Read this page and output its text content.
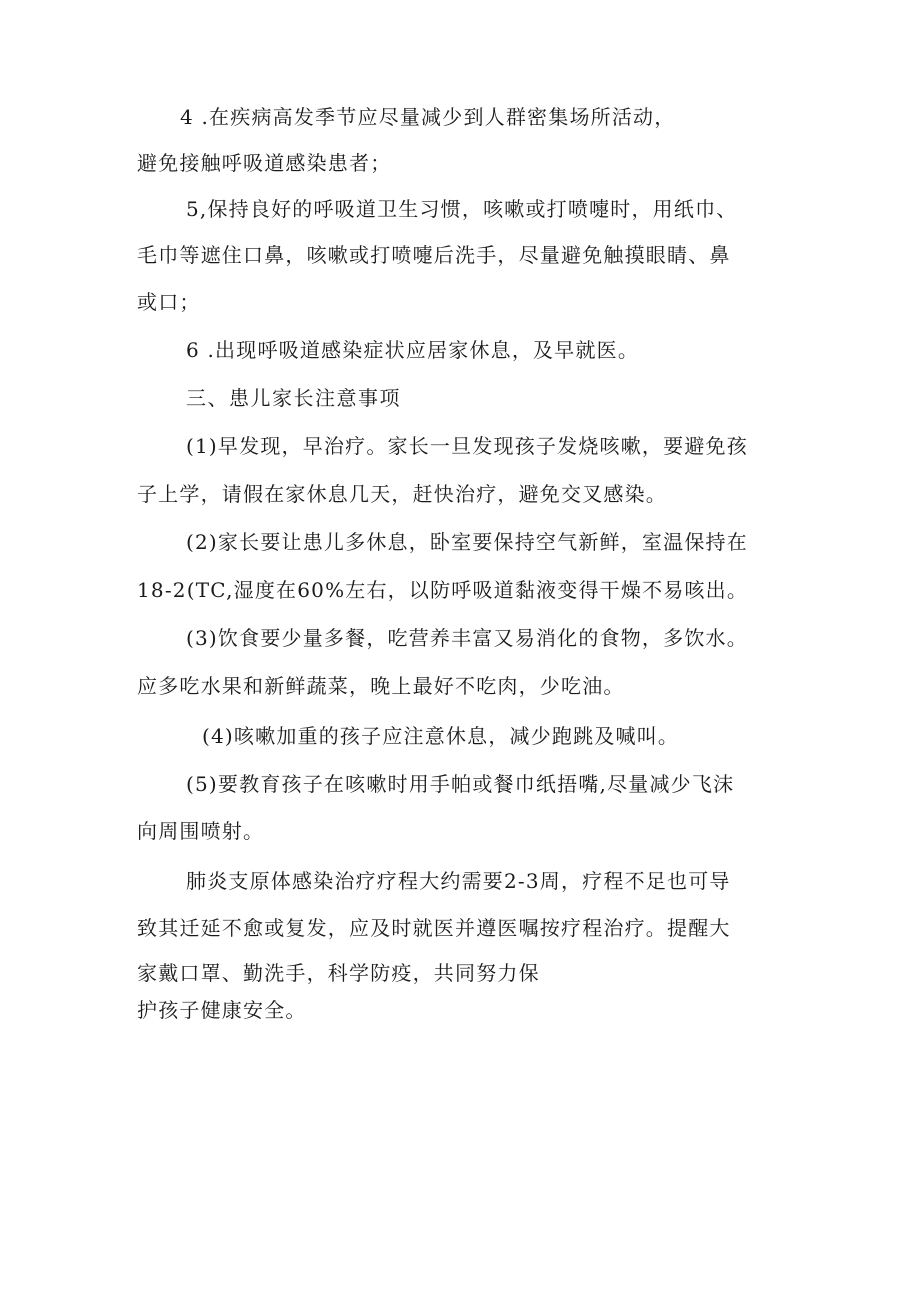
4 .在疾病高发季节应尽量减少到人群密集场所活动，
避免接触呼吸道感染患者；
5,保持良好的呼吸道卫生习惯，咳嗽或打喷嚏时，用纸巾、
毛巾等遮住口鼻，咳嗽或打喷嚏后洗手，尽量避免触摸眼睛、鼻
或口；
6 .出现呼吸道感染症状应居家休息，及早就医。
三、患儿家长注意事项
(1)早发现，早治疗。家长一旦发现孩子发烧咳嗽，要避免孩
子上学，请假在家休息几天，赶快治疗，避免交叉感染。
(2)家长要让患儿多休息，卧室要保持空气新鲜，室温保持在
18-2(TC,湿度在60%左右，以防呼吸道黏液变得干燥不易咳出。
(3)饮食要少量多餐，吃营养丰富又易消化的食物，多饮水。
应多吃水果和新鲜蔬菜，晚上最好不吃肉，少吃油。
(4)咳嗽加重的孩子应注意休息，减少跑跳及喊叫。
(5)要教育孩子在咳嗽时用手帕或餐巾纸捂嘴,尽量减少飞沫
向周围喷射。
肺炎支原体感染治疗疗程大约需要2-3周，疗程不足也可导
致其迁延不愈或复发，应及时就医并遵医嘱按疗程治疗。提醒大
家戴口罩、勤洗手，科学防疫，共同努力保
护孩子健康安全。
